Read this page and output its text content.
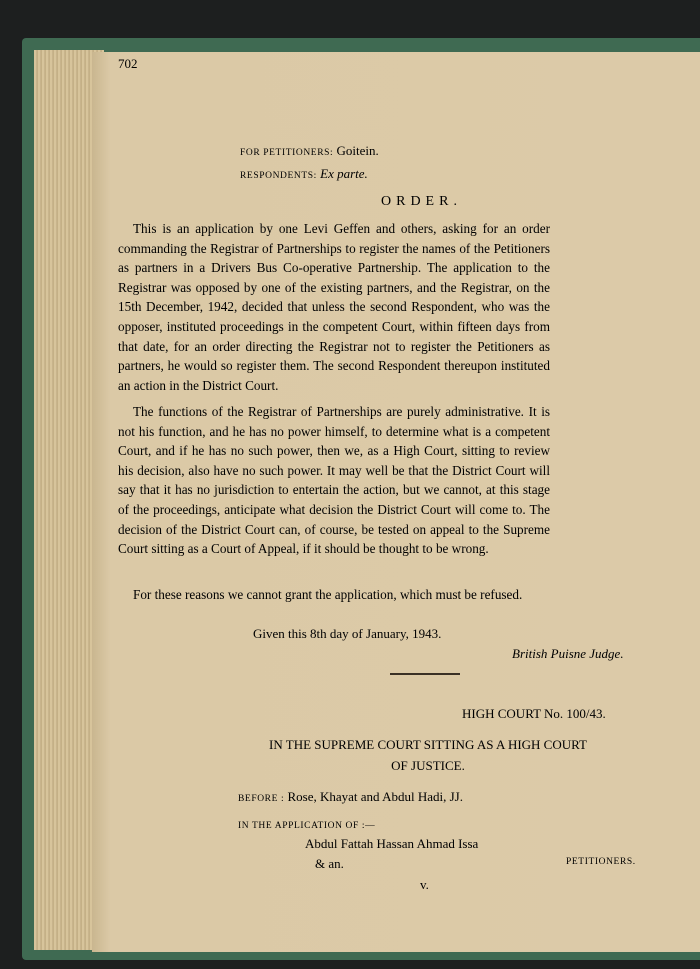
702
FOR PETITIONERS: Goitein.
RESPONDENTS: Ex parte.
ORDER.
This is an application by one Levi Geffen and others, asking for an order commanding the Registrar of Partnerships to register the names of the Petitioners as partners in a Drivers Bus Co-operative Partnership. The application to the Registrar was opposed by one of the existing partners, and the Registrar, on the 15th December, 1942, decided that unless the second Respondent, who was the opposer, instituted proceedings in the competent Court, within fifteen days from that date, for an order directing the Registrar not to register the Petitioners as partners, he would so register them. The second Respondent thereupon instituted an action in the District Court.
The functions of the Registrar of Partnerships are purely administrative. It is not his function, and he has no power himself, to determine what is a competent Court, and if he has no such power, then we, as a High Court, sitting to review his decision, also have no such power. It may well be that the District Court will say that it has no jurisdiction to entertain the action, but we cannot, at this stage of the proceedings, anticipate what decision the District Court will come to. The decision of the District Court can, of course, be tested on appeal to the Supreme Court sitting as a Court of Appeal, if it should be thought to be wrong.
For these reasons we cannot grant the application, which must be refused.
Given this 8th day of January, 1943.
British Puisne Judge.
HIGH COURT No. 100/43.
IN THE SUPREME COURT SITTING AS A HIGH COURT
OF JUSTICE.
BEFORE : Rose, Khayat and Abdul Hadi, JJ.
IN THE APPLICATION OF :—
Abdul Fattah Hassan Ahmad Issa
& an.	PETITIONERS.
v.
